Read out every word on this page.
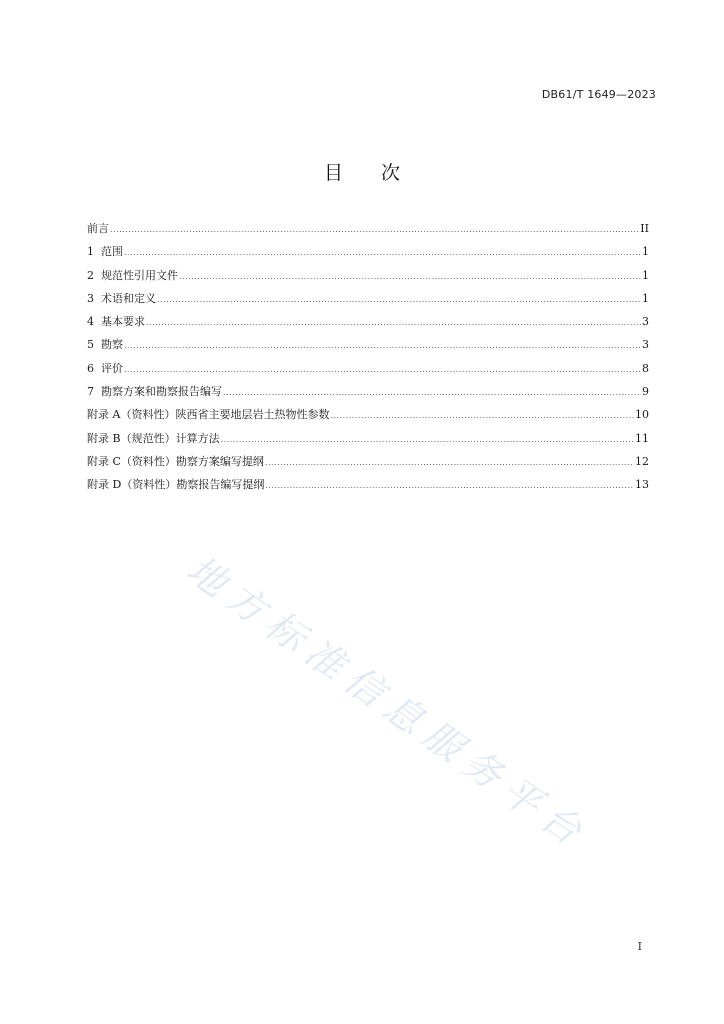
DB61/T 1649—2023
目 次
前言 .....	II
1 范围 .....	1
2 规范性引用文件 .....	1
3 术语和定义 .....	1
4 基本要求 .....	3
5 勘察 .....	3
6 评价 .....	8
7 勘察方案和勘察报告编写 .....	9
附录 A（资料性）陕西省主要地层岩土热物性参数 .....	10
附录 B（规范性）计算方法 .....	11
附录 C（资料性）勘察方案编写提纲 .....	12
附录 D（资料性）勘察报告编写提纲 .....	13
地方标准信息服务平台
I
